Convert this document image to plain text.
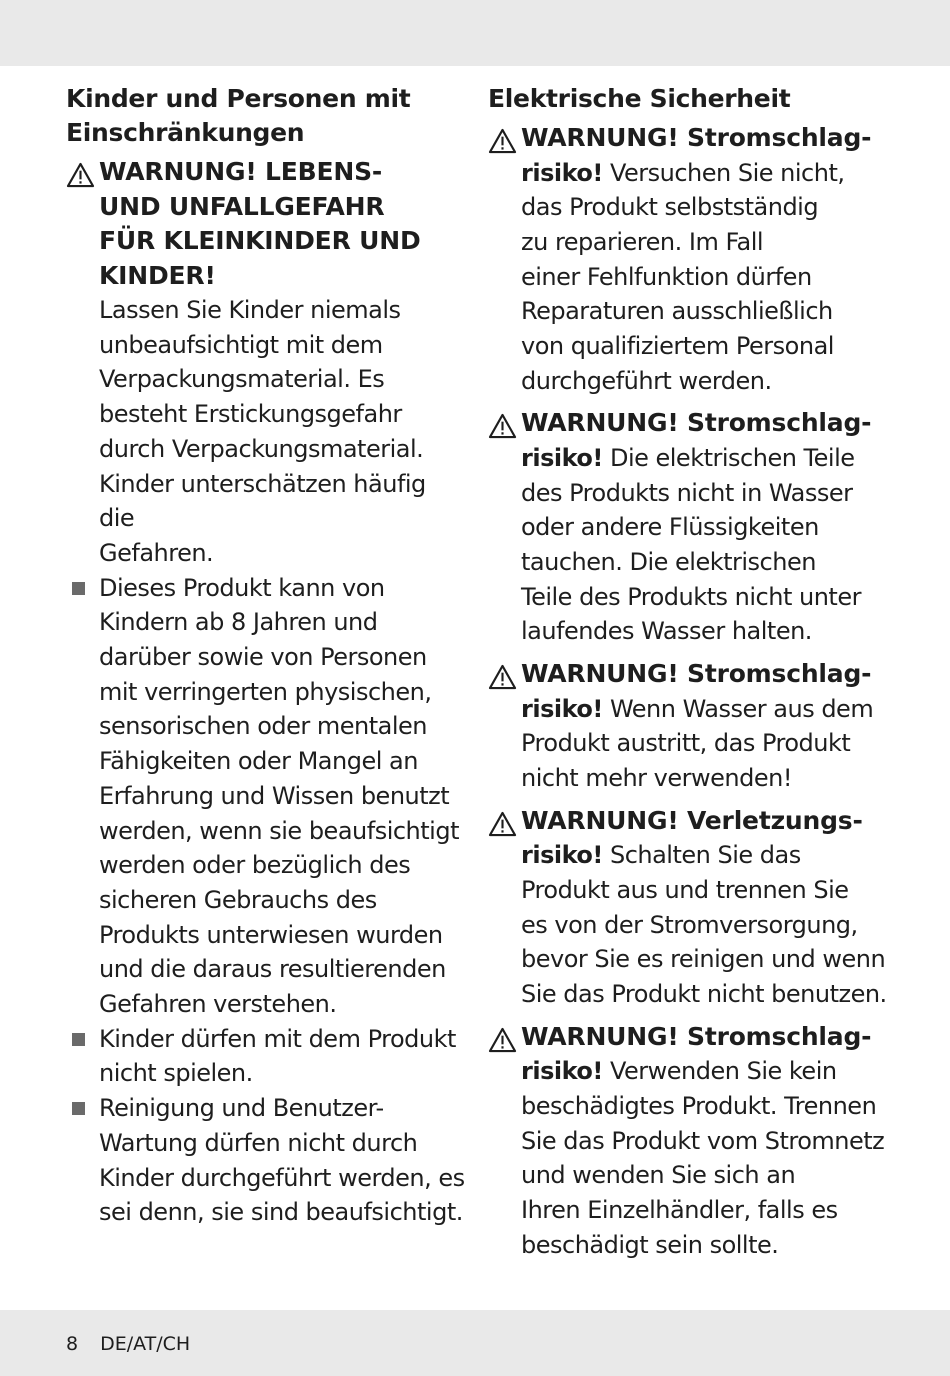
Kinder und Personen mit
Einschränkungen
WARNUNG! LEBENS-
UND UNFALLGEFAHR
FÜR KLEINKINDER UND
KINDER!
Lassen Sie Kinder niemals
unbeaufsichtigt mit dem
Verpackungsmaterial. Es
besteht Erstickungsgefahr
durch Verpackungsmaterial.
Kinder unterschätzen häufig die
Gefahren.
Dieses Produkt kann von
Kindern ab 8 Jahren und
darüber sowie von Personen
mit verringerten physischen,
sensorischen oder mentalen
Fähigkeiten oder Mangel an
Erfahrung und Wissen benutzt
werden, wenn sie beaufsichtigt
werden oder bezüglich des
sicheren Gebrauchs des
Produkts unterwiesen wurden
und die daraus resultierenden
Gefahren verstehen.
Kinder dürfen mit dem Produkt
nicht spielen.
Reinigung und Benutzer-
Wartung dürfen nicht durch
Kinder durchgeführt werden, es
sei denn, sie sind beaufsichtigt.
Elektrische Sicherheit
WARNUNG! Stromschlag-
risiko! Versuchen Sie nicht,
das Produkt selbstständig
zu reparieren. Im Fall
einer Fehlfunktion dürfen
Reparaturen ausschließlich
von qualifiziertem Personal
durchgeführt werden.
WARNUNG! Stromschlag-
risiko! Die elektrischen Teile
des Produkts nicht in Wasser
oder andere Flüssigkeiten
tauchen. Die elektrischen
Teile des Produkts nicht unter
laufendes Wasser halten.
WARNUNG! Stromschlag-
risiko! Wenn Wasser aus dem
Produkt austritt, das Produkt
nicht mehr verwenden!
WARNUNG! Verletzungs-
risiko! Schalten Sie das
Produkt aus und trennen Sie
es von der Stromversorgung,
bevor Sie es reinigen und wenn
Sie das Produkt nicht benutzen.
WARNUNG! Stromschlag-
risiko! Verwenden Sie kein
beschädigtes Produkt. Trennen
Sie das Produkt vom Stromnetz
und wenden Sie sich an
Ihren Einzelhändler, falls es
beschädigt sein sollte.
8 DE/AT/CH
